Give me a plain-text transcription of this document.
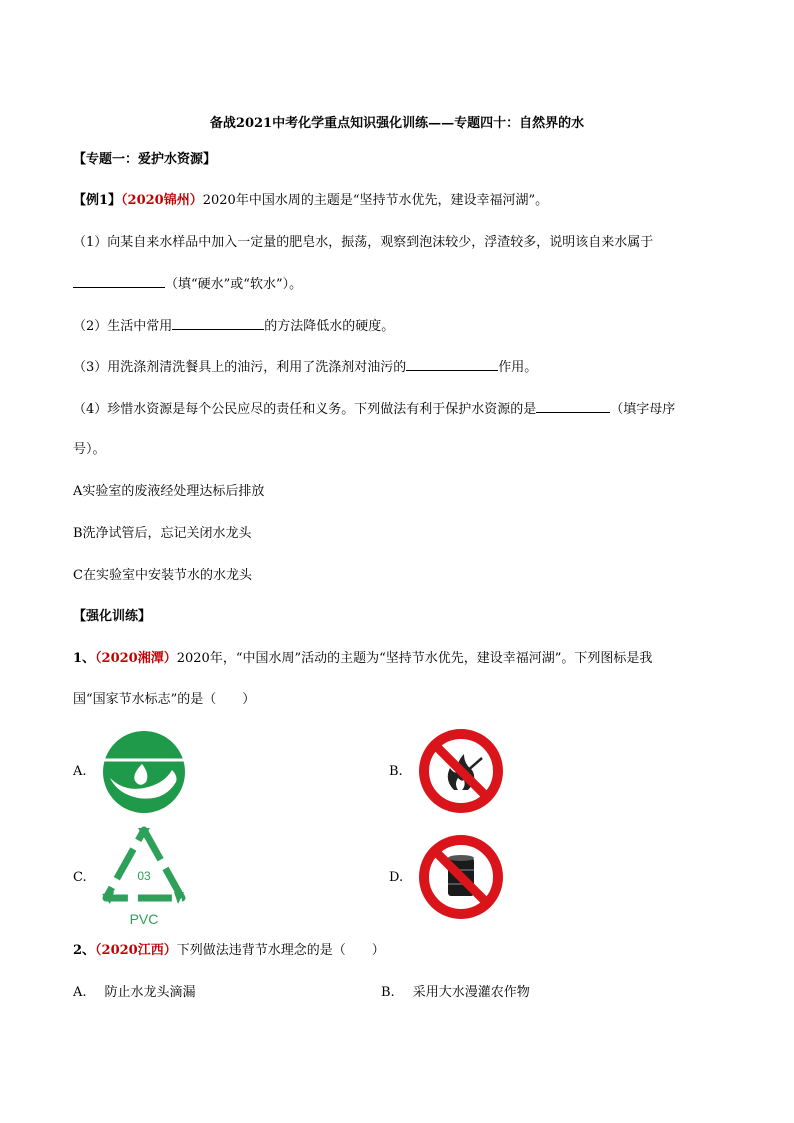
备战2021中考化学重点知识强化训练——专题四十：自然界的水
【专题一：爱护水资源】
【例1】（2020锦州）2020年中国水周的主题是“坚持节水优先，建设幸福河湖”。
（1）向某自来水样品中加入一定量的肥皂水，振荡，观察到泡沫较少，浮渣较多，说明该自来水属于
（填“硬水”或“软水”）。
（2）生活中常用	的方法降低水的硬度。
（3）用洗涤剂清洗餐具上的油污，利用了洗涤剂对油污的	作用。
（4）珍惜水资源是每个公民应尽的责任和义务。下列做法有利于保护水资源的是	（填字母序
号）。
A实验室的废液经处理达标后排放
B洗净试管后，忘记关闭水龙头
C在实验室中安装节水的水龙头
【强化训练】
1、（2020湘潭）2020年，“中国水周”活动的主题为“坚持节水优先，建设幸福河湖”。下列图标是我
国“国家节水标志”的是（　　）
A.	B.
C.	03
PVC
D.
2、（2020江西）下列做法违背节水理念的是（　　）
A. 防止水龙头滴漏	B. 采用大水漫灌农作物
